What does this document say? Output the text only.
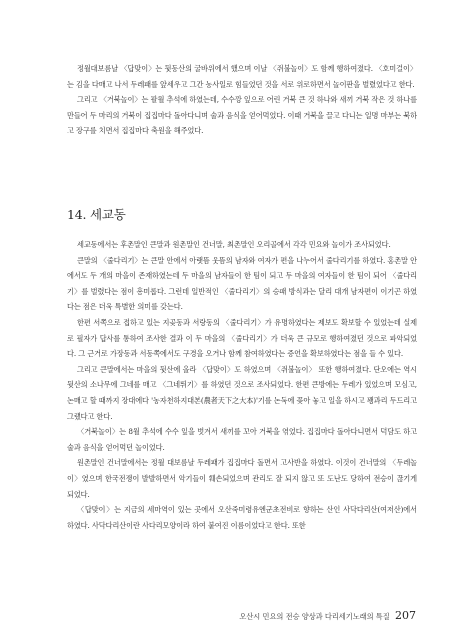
정월대보름날 〈답맞이〉는 뒷동산의 굴바위에서 했으며 이날 〈쥐불놀이〉도 함께 행하여졌다. 〈호미걸이〉는 김을 다매고 나서 두레패를 앞세우고 그간 농사일로 힘들었던 것을 서로 위로하면서 놀이판을 벌렸었다고 한다.

그리고 〈거북놀이〉는 팔월 추석에 하였는데, 수수깡 잎으로 어린 거북 큰 것 하나와 새끼 거북 작은 것 하나를 만들어 두 마리의 거북이 집집마다 돌아다니며 술과 음식을 얻어먹었다. 이때 거북을 끌고 다니는 일명 마부는 북하고 장구를 치면서 집집마다 축원을 해주었다.

14. 세교동

세교동에서는 후촌말인 큰말과 원촌말인 건너말, 최촌말인 오리골에서 각각 민요와 놀이가 조사되었다.

큰말의 〈줄다리기〉는 큰말 안에서 아랫뜸 웃뜸의 남자와 여자가 편을 나누어서 줄다리기를 하였다. 홍촌말 안에서도 두 개의 마을이 존재하였는데 두 마을의 남자들이 한 팀이 되고 두 마을의 여자들이 한 팀이 되어 〈줄다리기〉를 벌렸다는 점이 흥미롭다. 그런데 일반적인 〈줄다리기〉의 승패 방식과는 달리 대개 남자편이 이기곤 하였다는 점은 더욱 특별한 의미를 갖는다.

한편 서쪽으로 접하고 있는 지곶동과 서랑동의 〈줄다리기〉가 유명하였다는 제보도 확보할 수 있었는데 실제로 필자가 답사를 통하여 조사한 결과 이 두 마을의 〈줄다리기〉가 더욱 큰 규모로 행하여졌던 것으로 파악되었다. 그 근거로 가장동과 서동쪽에서도 구경을 오거나 함께 참여하였다는 증언을 확보하였다는 점을 들 수 있다.

그리고 큰말에서는 마을의 뒷산에 올라 〈답맞이〉도 하였으며 〈쥐불놀이〉 또한 행하여졌다. 단오에는 역시 뒷산의 소나무에 그네를 매고 〈그네뛰기〉를 하였던 것으로 조사되었다. 한편 큰방에는 두레가 있었으며 모심고, 논매고 할 때까지 장대에다 '농자천하지대본(農者天下之大本)'기를 논둑에 꽂아 놓고 일을 하시고 꽹과리 두드리고 그랬다고 한다.

〈거북놀이〉는 8월 추석에 수수 잎을 벗겨서 새끼를 꼬아 거북을 엮었다. 집집마다 돌아다니면서 덕담도 하고 술과 음식을 얻어먹던 놀이었다.

원촌말인 건너말에서는 정월 대보름날 두레패가 집집마다 돌면서 고사반을 하였다. 이것이 건너말의 〈두레놀이〉였으며 한국전쟁이 발발하면서 악기들이 훼손되었으며 관리도 잘 되지 않고 또 도난도 당하여 전승이 끊기게 되었다.

〈답맞이〉는 지금의 세마역이 있는 곳에서 오산죽미령유엔군초전비로 향하는 산인 사닥다리산(여저산)에서 하였다. 사닥다리산이란 사다리모양이라 하여 붙여진 이름이었다고 한다. 또한

오산시 민요의 전승 양상과 다리세기노래의 특질 207
